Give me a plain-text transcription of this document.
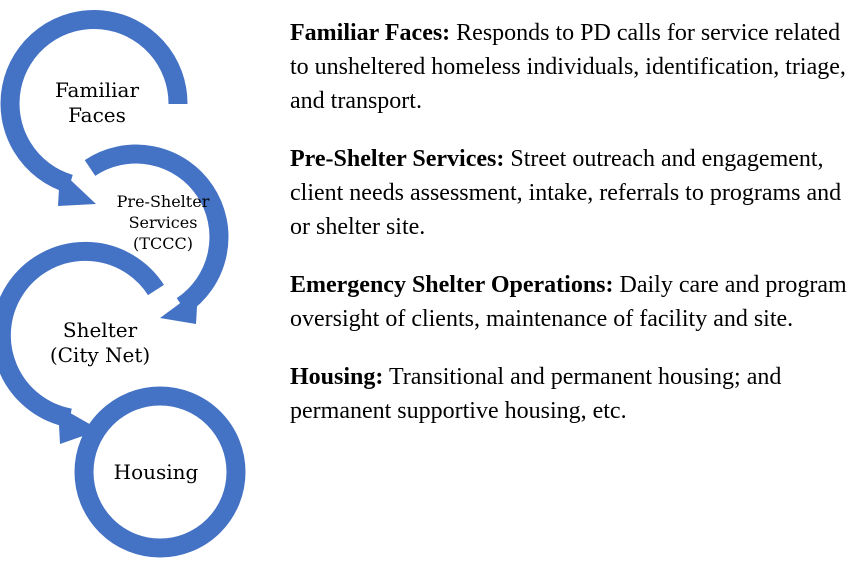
Familiar
Faces
Pre-Shelter
Services
(TCCC)
Shelter
(City Net)
Housing

Familiar Faces: Responds to PD calls for service related to unsheltered homeless individuals, identification, triage, and transport.

Pre-Shelter Services: Street outreach and engagement, client needs assessment, intake, referrals to programs and or shelter site.

Emergency Shelter Operations: Daily care and program oversight of clients, maintenance of facility and site.

Housing: Transitional and permanent housing; and permanent supportive housing, etc.
